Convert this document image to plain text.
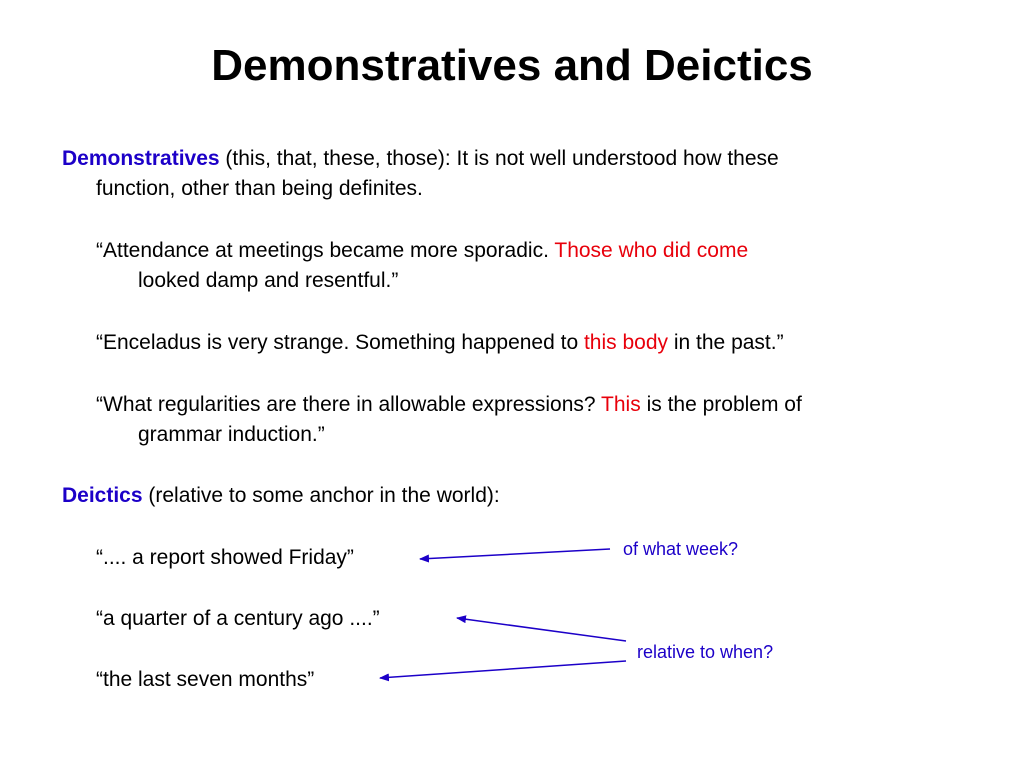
Demonstratives and Deictics
Demonstratives (this, that, these, those): It is not well understood how these
function, other than being definites.
“Attendance at meetings became more sporadic. Those who did come
looked damp and resentful.”
“Enceladus is very strange. Something happened to this body in the past.”
“What regularities are there in allowable expressions? This is the problem of
grammar induction.”
Deictics (relative to some anchor in the world):
“.... a report showed Friday”
“a quarter of a century ago ....”
“the last seven months”
of what week?
relative to when?
